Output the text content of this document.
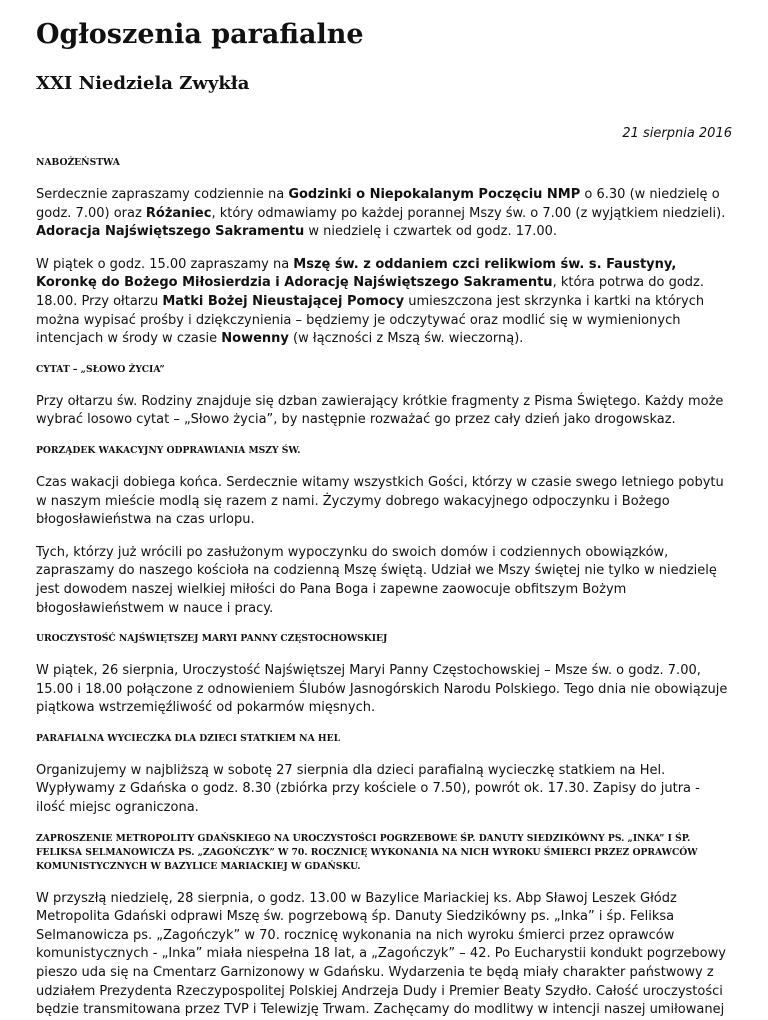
Ogłoszenia parafialne
XXI Niedziela Zwykła
21 sierpnia 2016
NABOŻEŃSTWA

Serdecznie zapraszamy codziennie na Godzinki o Niepokalanym Poczęciu NMP o 6.30 (w niedzielę o godz. 7.00) oraz Różaniec, który odmawiamy po każdej porannej Mszy św. o 7.00 (z wyjątkiem niedzieli). Adoracja Najświętszego Sakramentu w niedzielę i czwartek od godz. 17.00.

W piątek o godz. 15.00 zapraszamy na Mszę św. z oddaniem czci relikwiom św. s. Faustyny, Koronkę do Bożego Miłosierdzia i Adorację Najświętszego Sakramentu, która potrwa do godz. 18.00. Przy ołtarzu Matki Bożej Nieustającej Pomocy umieszczona jest skrzynka i kartki na których można wypisać prośby i dziękczynienia – będziemy je odczytywać oraz modlić się w wymienionych intencjach w środy w czasie Nowenny (w łączności z Mszą św. wieczorną).

CYTAT – „SŁOWO ŻYCIA”

Przy ołtarzu św. Rodziny znajduje się dzban zawierający krótkie fragmenty z Pisma Świętego. Każdy może wybrać losowo cytat – „Słowo życia”, by następnie rozważać go przez cały dzień jako drogowskaz.

PORZĄDEK WAKACYJNY ODPRAWIANIA MSZY ŚW.

Czas wakacji dobiega końca. Serdecznie witamy wszystkich Gości, którzy w czasie swego letniego pobytu w naszym mieście modlą się razem z nami. Życzymy dobrego wakacyjnego odpoczynku i Bożego błogosławieństwa na czas urlopu.

Tych, którzy już wrócili po zasłużonym wypoczynku do swoich domów i codziennych obowiązków, zapraszamy do naszego kościoła na codzienną Mszę świętą. Udział we Mszy świętej nie tylko w niedzielę jest dowodem naszej wielkiej miłości do Pana Boga i zapewne zaowocuje obfitszym Bożym błogosławieństwem w nauce i pracy.

UROCZYSTOŚĆ NAJŚWIĘTSZEJ MARYI PANNY CZĘSTOCHOWSKIEJ

W piątek, 26 sierpnia, Uroczystość Najświętszej Maryi Panny Częstochowskiej – Msze św. o godz. 7.00, 15.00 i 18.00 połączone z odnowieniem Ślubów Jasnogórskich Narodu Polskiego. Tego dnia nie obowiązuje piątkowa wstrzemięźliwość od pokarmów mięsnych.

PARAFIALNA WYCIECZKA DLA DZIECI STATKIEM NA HEL

Organizujemy w najbliższą w sobotę 27 sierpnia dla dzieci parafialną wycieczkę statkiem na Hel. Wypływamy z Gdańska o godz. 8.30 (zbiórka przy kościele o 7.50), powrót ok. 17.30. Zapisy do jutra - ilość miejsc ograniczona.

ZAPROSZENIE METROPOLITY GDAŃSKIEGO NA UROCZYSTOŚCI POGRZEBOWE ŚP. DANUTY SIEDZIKÓWNY PS. „INKA” I ŚP. FELIKSA SELMANOWICZA PS. „ZAGOŃCZYK” W 70. ROCZNICĘ WYKONANIA NA NICH WYROKU ŚMIERCI PRZEZ OPRAWCÓW KOMUNISTYCZNYCH W BAZYLICE MARIACKIEJ W GDAŃSKU.

W przyszłą niedzielę, 28 sierpnia, o godz. 13.00 w Bazylice Mariackiej ks. Abp Sławoj Leszek Głódz Metropolita Gdański odprawi Mszę św. pogrzebową śp. Danuty Siedzikówny ps. „Inka” i śp. Feliksa Selmanowicza ps. „Zagończyk” w 70. rocznicę wykonania na nich wyroku śmierci przez oprawców komunistycznych - „Inka” miała niespełna 18 lat, a „Zagończyk” – 42. Po Eucharystii kondukt pogrzebowy pieszo uda się na Cmentarz Garnizonowy w Gdańsku. Wydarzenia te będą miały charakter państwowy z udziałem Prezydenta Rzeczypospolitej Polskiej Andrzeja Dudy i Premier Beaty Szydło. Całość uroczystości będzie transmitowana przez TVP i Telewizję Trwam. Zachęcamy do modlitwy w intencji naszej umiłowanej
